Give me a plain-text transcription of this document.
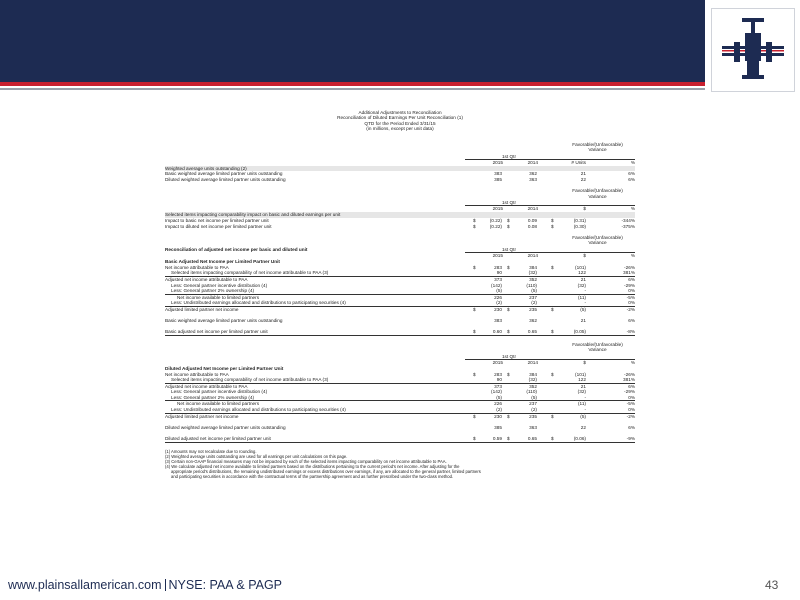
Additional Adjustments to Reconciliation
Reconciliation of Diluted Earnings Per Unit Reconciliation (1)
QTD for the Period Ended 3/31/15
(in millions, except per unit data)
Favorable/(Unfavorable)
Variance
1st Qtr
2015	2014	# Units	%
Weighted average units outstanding (2)
Basic weighted average limited partner units outstanding	383	362	21	6%
Diluted weighted average limited partner units outstanding	385	363	22	6%
Favorable/(Unfavorable)
Variance
1st Qtr
2015	2014	$	%
Selected items impacting comparability impact on basic and diluted earnings per unit
Impact to basic net income per limited partner unit	(0.22)	0.09	(0.31)	-344%
$	$	$
Impact to diluted net income per limited partner unit	(0.22)	0.08	(0.30)	-375%
$	$	$
Favorable/(Unfavorable)
Variance
1st Qtr
2015	2014	$	%
Reconciliation of adjusted net income per basic and diluted unit
Basic Adjusted Net Income per Limited Partner Unit
Net income attributable to PAA	283	384	(101)	-26%
$	$	$
Selected items impacting comparability of net income attributable to PAA (3)	90	(32)	122	381%
Adjusted net income attributable to PAA	373	352	21	6%
Less: General partner incentive distribution (4)	(142)	(110)	(32)	-29%
Less: General partner 2% ownership (4)	(5)	(5)	-	0%
Net income available to limited partners	226	237	(11)	-5%
Less: Undistributed earnings allocated and distributions to participating securities (4)	(2)	(2)	-	0%
Adjusted limited partner net income	230	235	(5)	-2%
$	$	$
Basic weighted average limited partner units outstanding	383	362	21	6%
Basic adjusted net income per limited partner unit	0.60	0.65	(0.05)	-8%
$	$	$
Favorable/(Unfavorable)
Variance
1st Qtr
2015	2014	$	%
Diluted Adjusted Net Income per Limited Partner Unit
Net income attributable to PAA	283	384	(101)	-26%
$	$	$
Selected items impacting comparability of net income attributable to PAA (3)	90	(32)	122	381%
Adjusted net income attributable to PAA	373	352	21	6%
Less: General partner incentive distribution (4)	(142)	(110)	(32)	-29%
Less: General partner 2% ownership (4)	(5)	(5)	-	0%
Net income available to limited partners	226	237	(11)	-5%
Less: Undistributed earnings allocated and distributions to participating securities (4)	(2)	(2)	-	0%
Adjusted limited partner net income	230	235	(5)	-2%
$	$	$
Diluted weighted average limited partner units outstanding	385	363	22	6%
Diluted adjusted net income per limited partner unit	0.59	0.65	(0.06)	-9%
$	$	$
(1) Amounts may not recalculate due to rounding.
(2) Weighted average units outstanding are used for all earnings per unit calculations on this page.
(3) Certain non-GAAP financial measures may not be impacted by each of the selected items impacting comparability on net income attributable to PAA.
(4) We calculate adjusted net income available to limited partners based on the distributions pertaining to the current period's net income. After adjusting for the
appropriate period's distributions, the remaining undistributed earnings or excess distributions over earnings, if any, are allocated to the general partner, limited partners
and participating securities in accordance with the contractual terms of the partnership agreement and as further prescribed under the two-class method.
www.plainsallamerican.com NYSE: PAA & PAGP	43
